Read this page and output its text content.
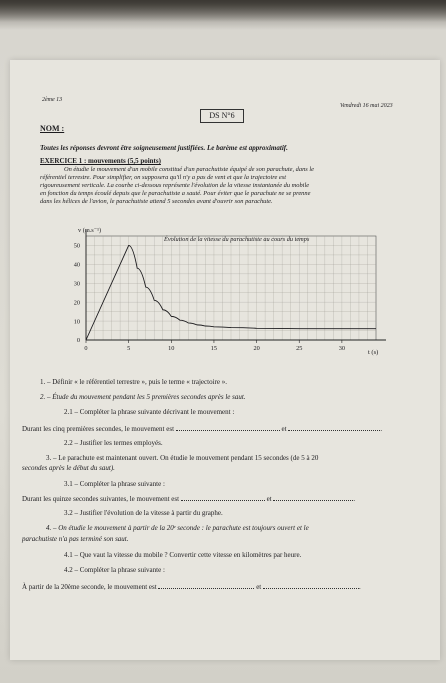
2ème 13
Vendredi 16 mai 2023
DS N°6
NOM :
Toutes les réponses devront être soigneusement justifiées. Le barème est approximatif.
EXERCICE 1 : mouvements (5,5 points)
On étudie le mouvement d'un mobile constitué d'un parachutiste équipé de son parachute, dans le
référentiel terrestre. Pour simplifier, on supposera qu'il n'y a pas de vent et que la trajectoire est
rigoureusement verticale. La courbe ci-dessous représente l'évolution de la vitesse instantanée du mobile
en fonction du temps écoulé depuis que le parachutiste a sauté. Pour éviter que le parachute ne se prenne
dans les hélices de l'avion, le parachutiste attend 5 secondes avant d'ouvrir son parachute.
0	5	10	15	20	25	30
0
10
20
30
40
50
Évolution de la vitesse du parachutiste au cours du temps
v (m.s⁻¹)
t (s)
1. – Définir « le référentiel terrestre », puis le terme « trajectoire ».
2. – Étude du mouvement pendant les 5 premières secondes après le saut.
2.1 – Compléter la phrase suivante décrivant le mouvement :
Durant les cinq premières secondes, le mouvement est	et	.
2.2 – Justifier les termes employés.
3. – Le parachute est maintenant ouvert. On étudie le mouvement pendant 15 secondes (de 5 à 20
secondes après le début du saut).
3.1 – Compléter la phrase suivante :
Durant les quinze secondes suivantes, le mouvement est	et	.
3.2 – Justifier l'évolution de la vitesse à partir du graphe.
4. – On étudie le mouvement à partir de la 20ᵉ seconde : le parachute est toujours ouvert et le
parachutiste n'a pas terminé son saut.
4.1 – Que vaut la vitesse du mobile ? Convertir cette vitesse en kilomètres par heure.
4.2 – Compléter la phrase suivante :
À partir de la 20ème seconde, le mouvement est	et	.
